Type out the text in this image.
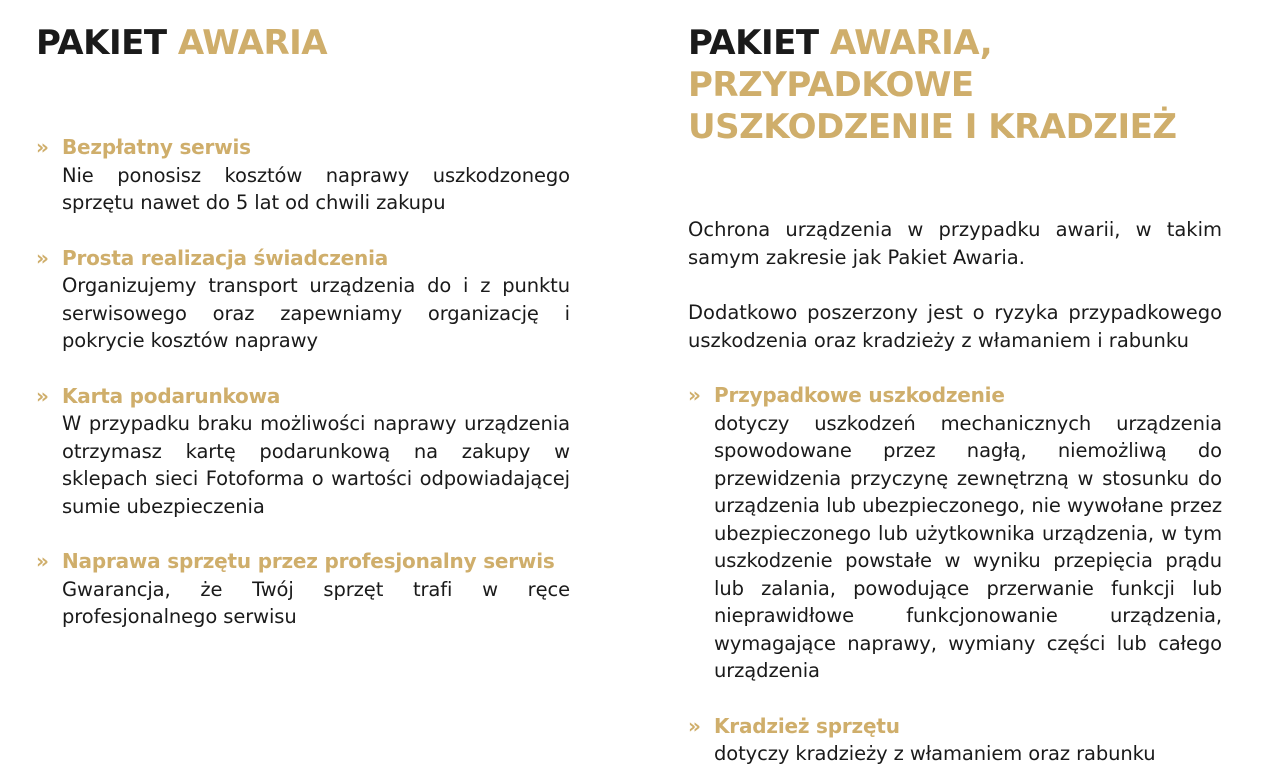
PAKIET AWARIA
» Bezpłatny serwis
Nie ponosisz kosztów naprawy uszkodzonego sprzętu nawet do 5 lat od chwili zakupu
» Prosta realizacja świadczenia
Organizujemy transport urządzenia do i z punktu serwisowego oraz zapewniamy organizację i pokrycie kosztów naprawy
» Karta podarunkowa
W przypadku braku możliwości naprawy urządzenia otrzymasz kartę podarunkową na zakupy w sklepach sieci Fotoforma o wartości odpowiadającej sumie ubezpieczenia
» Naprawa sprzętu przez profesjonalny serwis
Gwarancja, że Twój sprzęt trafi w ręce profesjonalnego serwisu
PAKIET AWARIA, PRZYPADKOWE USZKODZENIE I KRADZIEŻ

Ochrona urządzenia w przypadku awarii, w takim samym zakresie jak Pakiet Awaria.

Dodatkowo poszerzony jest o ryzyka przypadkowego uszkodzenia oraz kradzieży z włamaniem i rabunku

» Przypadkowe uszkodzenie
dotyczy uszkodzeń mechanicznych urządzenia spowodowane przez nagłą, niemożliwą do przewidzenia przyczynę zewnętrzną w stosunku do urządzenia lub ubezpieczonego, nie wywołane przez ubezpieczonego lub użytkownika urządzenia, w tym uszkodzenie powstałe w wyniku przepięcia prądu lub zalania, powodujące przerwanie funkcji lub nieprawidłowe funkcjonowanie urządzenia, wymagające naprawy, wymiany części lub całego urządzenia
» Kradzież sprzętu
dotyczy kradzieży z włamaniem oraz rabunku
